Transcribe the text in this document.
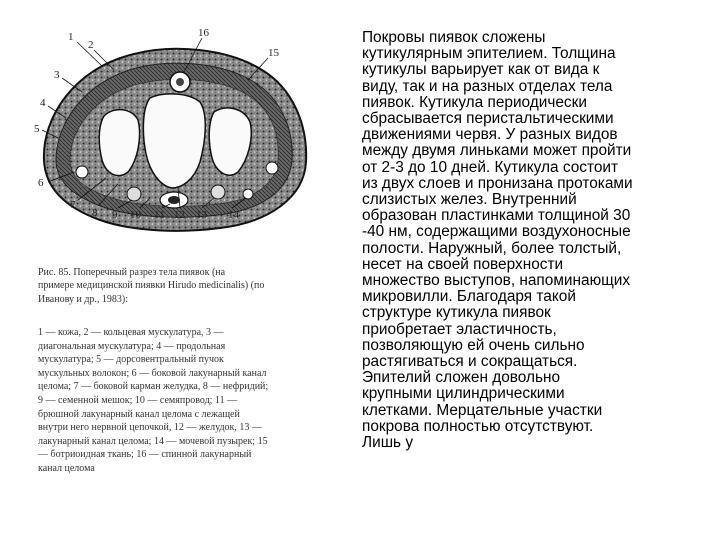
1
2
3
4
5
6
7
8 9 10 11 12 13 14
15
16

Рис. 85. Поперечный разрез тела пиявок (на
примере медицинской пиявки Hirudo medicinalis) (по
Иванову и др., 1983):

1 — кожа, 2 — кольцевая мускулатура, 3 —
диагональная мускулатура; 4 — продольная
мускулатура; 5 — дорсовентральный пучок
мускульных волокон; 6 — боковой лакунарный канал
целома; 7 — боковой карман желудка, 8 — нефридий;
9 — семенной мешок; 10 — семяпровод; 11 —
брюшной лакунарный канал целома с лежащей
внутри него нервной цепочкой, 12 — желудок, 13 —
лакунарный канал целома; 14 — мочевой пузырек; 15
— ботриоидная ткань; 16 — спинной лакунарный
канал целома

Покровы пиявок сложены
кутикулярным эпителием. Толщина
кутикулы варьирует как от вида к
виду, так и на разных отделах тела
пиявок. Кутикула периодически
сбрасывается перистальтическими
движениями червя. У разных видов
между двумя линьками может пройти
от 2-3 до 10 дней. Кутикула состоит
из двух слоев и пронизана протоками
слизистых желез. Внутренний
образован пластинками толщиной 30
-40 нм, содержащими воздухоносные
полости. Наружный, более толстый,
несет на своей поверхности
множество выступов, напоминающих
микровилли. Благодаря такой
структуре кутикула пиявок
приобретает эластичность,
позволяющую ей очень сильно
растягиваться и сокращаться.

Эпителий сложен довольно
крупными цилиндрическими
клетками. Мерцательные участки
покрова полностью отсутствуют.
Лишь у
